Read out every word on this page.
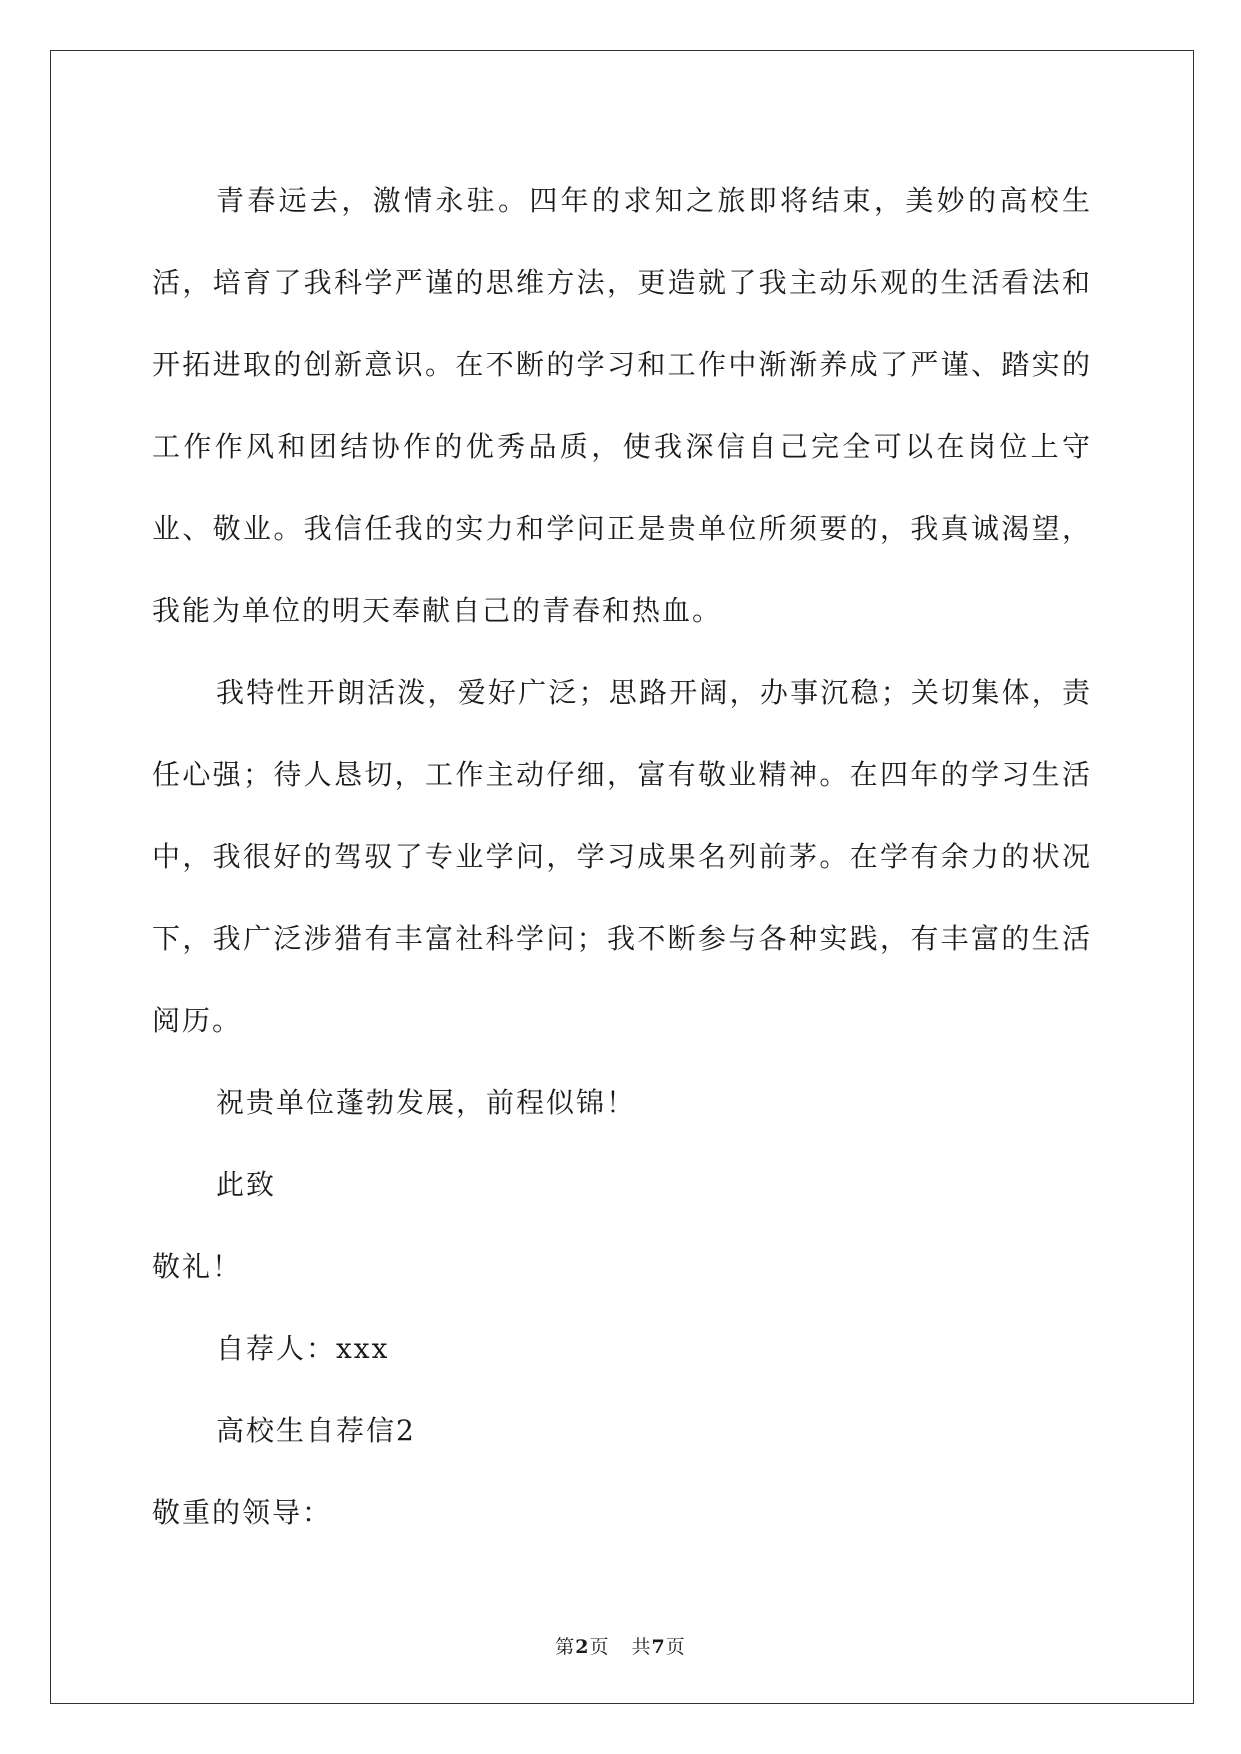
青春远去，激情永驻。四年的求知之旅即将结束，美妙的高校生活，培育了我科学严谨的思维方法，更造就了我主动乐观的生活看法和开拓进取的创新意识。在不断的学习和工作中渐渐养成了严谨、踏实的工作作风和团结协作的优秀品质，使我深信自己完全可以在岗位上守业、敬业。我信任我的实力和学问正是贵单位所须要的，我真诚渴望，我能为单位的明天奉献自己的青春和热血。

我特性开朗活泼，爱好广泛；思路开阔，办事沉稳；关切集体，责任心强；待人恳切，工作主动仔细，富有敬业精神。在四年的学习生活中，我很好的驾驭了专业学问，学习成果名列前茅。在学有余力的状况下，我广泛涉猎有丰富社科学问；我不断参与各种实践，有丰富的生活阅历。

祝贵单位蓬勃发展，前程似锦！

此致

敬礼！

自荐人：xxx

高校生自荐信2

敬重的领导：

第2页 共7页
